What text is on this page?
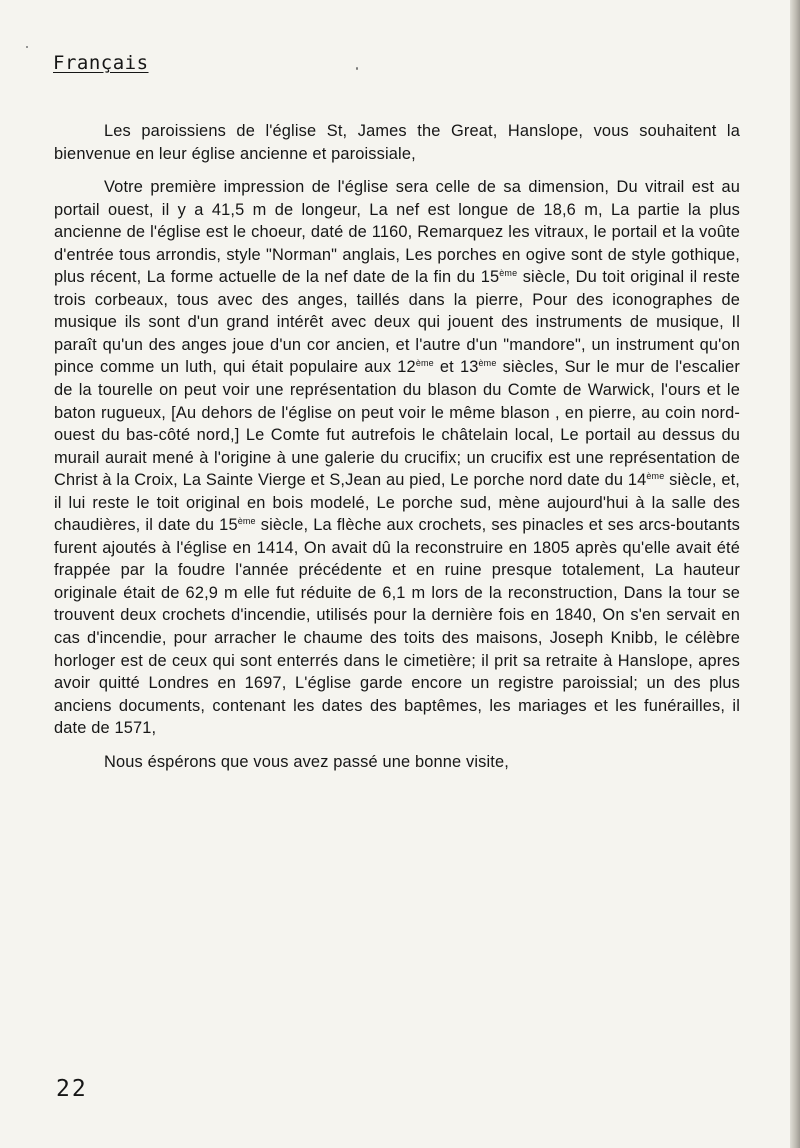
Français

Les paroissiens de l'église St, James the Great, Hanslope, vous souhaitent la bienvenue en leur église ancienne et paroissiale,

Votre première impression de l'église sera celle de sa dimension, Du vitrail est au portail ouest, il y a 41,5 m de longeur, La nef est longue de 18,6 m, La partie la plus ancienne de l'église est le choeur, daté de 1160, Remarquez les vitraux, le portail et la voûte d'entrée tous arrondis, style "Norman" anglais, Les porches en ogive sont de style gothique, plus récent, La forme actuelle de la nef date de la fin du 15ème siècle, Du toit original il reste trois corbeaux, tous avec des anges, taillés dans la pierre, Pour des iconographes de musique ils sont d'un grand intérêt avec deux qui jouent des instruments de musique, Il paraît qu'un des anges joue d'un cor ancien, et l'autre d'un "mandore", un instrument qu'on pince comme un luth, qui était populaire aux 12ème et 13ème siècles, Sur le mur de l'escalier de la tourelle on peut voir une représentation du blason du Comte de Warwick, l'ours et le baton rugueux, [Au dehors de l'église on peut voir le même blason , en pierre, au coin nord-ouest du bas-côté nord,] Le Comte fut autrefois le châtelain local, Le portail au dessus du murail aurait mené à l'origine à une galerie du crucifix; un crucifix est une représentation de Christ à la Croix, La Sainte Vierge et S,Jean au pied, Le porche nord date du 14ème siècle, et, il lui reste le toit original en bois modelé, Le porche sud, mène aujourd'hui à la salle des chaudières, il date du 15ème siècle, La flèche aux crochets, ses pinacles et ses arcs-boutants furent ajoutés à l'église en 1414, On avait dû la reconstruire en 1805 après qu'elle avait été frappée par la foudre l'année précédente et en ruine presque totalement, La hauteur originale était de 62,9 m elle fut réduite de 6,1 m lors de la reconstruction, Dans la tour se trouvent deux crochets d'incendie, utilisés pour la dernière fois en 1840, On s'en servait en cas d'incendie, pour arracher le chaume des toits des maisons, Joseph Knibb, le célèbre horloger est de ceux qui sont enterrés dans le cimetière; il prit sa retraite à Hanslope, apres avoir quitté Londres en 1697, L'église garde encore un registre paroissial; un des plus anciens documents, contenant les dates des baptêmes, les mariages et les funérailles, il date de 1571,

Nous éspérons que vous avez passé une bonne visite,

22
